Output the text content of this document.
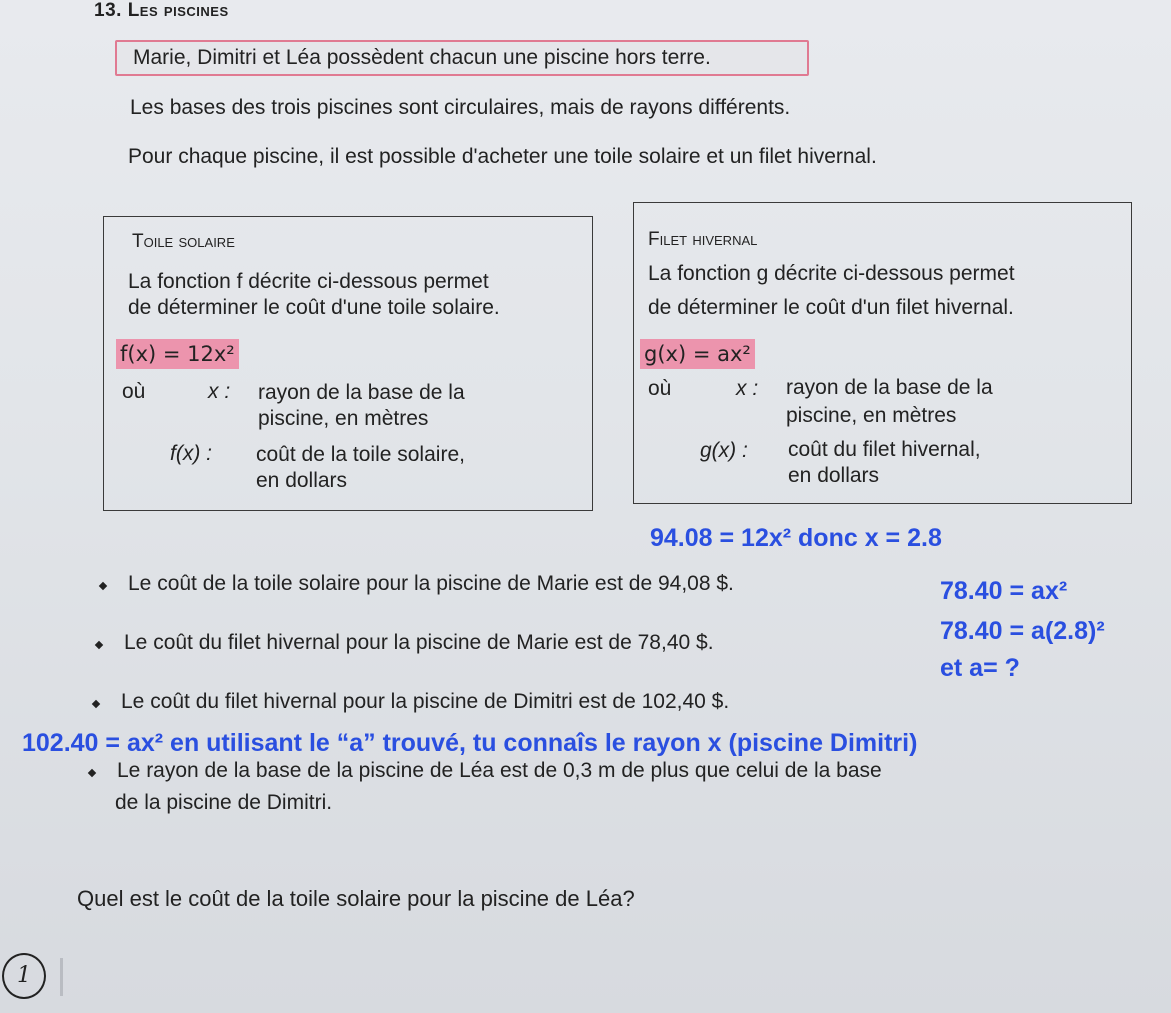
13. Les piscines
Marie, Dimitri et Léa possèdent chacun une piscine hors terre.
Les bases des trois piscines sont circulaires, mais de rayons différents.
Pour chaque piscine, il est possible d'acheter une toile solaire et un filet hivernal.
Toile solaire
La fonction f décrite ci-dessous permet
de déterminer le coût d'une toile solaire.
f(x) = 12x²
où	x : rayon de la base de la
piscine, en mètres
f(x) : coût de la toile solaire,
en dollars
Filet hivernal
La fonction g décrite ci-dessous permet
de déterminer le coût d'un filet hivernal.
g(x) = ax²
où	x : rayon de la base de la
piscine, en mètres
g(x) : coût du filet hivernal,
en dollars
94.08 = 12x² donc x = 2.8
78.40 = ax²
78.40 = a(2.8)²
et a= ?
Le coût de la toile solaire pour la piscine de Marie est de 94,08 $.
Le coût du filet hivernal pour la piscine de Marie est de 78,40 $.
Le coût du filet hivernal pour la piscine de Dimitri est de 102,40 $.
102.40 = ax² en utilisant le “a” trouvé, tu connaîs le rayon x (piscine Dimitri)
Le rayon de la base de la piscine de Léa est de 0,3 m de plus que celui de la base
de la piscine de Dimitri.
Quel est le coût de la toile solaire pour la piscine de Léa?
1
